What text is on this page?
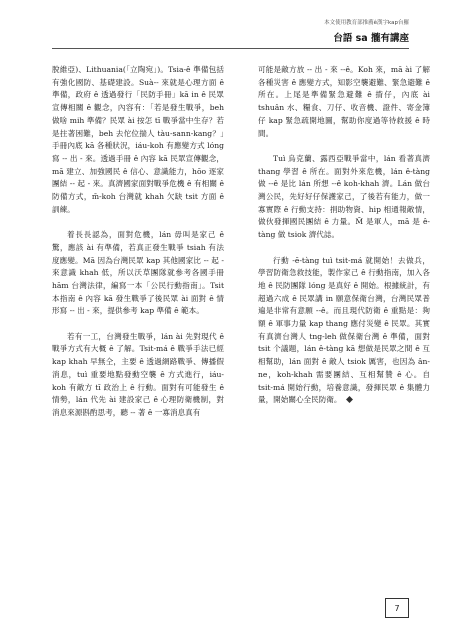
本文使用教育部推薦ê漢字kap台羅
台語 sa 攏有講座

脫維亞)、Lithuania(「立陶宛」)。Tsia-ê 準備包括有強化國防、基礎建設。Suà-- 來就是心理方面 ê 準備，政府 ê 透過發行「民防手冊」kā in ê 民眾宣傳相關 ê 觀念，內容有：「若是發生戰爭，beh 做啥 mih 準備？民眾 ài 按怎 tī 戰爭當中生存？若是拄著困難，beh 去佗位揣人 tàu-sann-kang？」手冊內底 kā 各種狀況，iáu-koh 有應變方式 lóng 寫 -- 出 - 來。透過手冊 ê 內容 kā 民眾宣傳觀念，mā 建立、加強國民 ê 信心、意識能力，hōo 逐家團結 -- 起 - 來。真濟國家面對戰爭危機 ê 有相關 ê 防備方式，m̄-koh 台灣就 khah 欠缺 tsit 方面 ê 訓練。

着長長認為，面對危機，lán 毋叫是家己 ê 驚，應該 ài 有準備，若真正發生戰爭 tsiah 有法度應變。Mā 因為台灣民眾 kap 其他國家比 -- 起 - 來意識 khah 低，所以沃草團隊就參考各國手冊 hām 台灣法律，編寫一本「公民行動指南」。Tsit 本指南 ê 內容 kā 發生戰爭了後民眾 ài 面對 ê 情形寫 -- 出 - 來，提供參考 kap 準備 ê 範本。

若有一工，台灣發生戰爭，lán ài 先對現代 ê 戰爭方式有大概 ê 了解。Tsit-má ê 戰爭手法已經 kap khah 早無仝，主要 ê 透過網路戰爭、傳播假消息，tuì 重要地點發動空襲 ê 方式進行，iáu-koh 有敵方 tī 政治上 ê 行動。面對有可能發生 ê 情勢，lán 代先 ài 建設家己 ê 心理防衛機制，對消息來源斟酌思考，聽 -- 著 ê 一寡消息真有

可能是敵方放 -- 出 - 來 --ê。Koh 來，mā ài 了解各種災害 ê 應變方式，知影空襲避難、緊急避難 ê 所在。上尾是準備緊急避難 ê 揹仔，內底 ài tshuân 水、糧食、刀仔、收音機、證件、寄金簿仔 kap 緊急疏開地圖，幫助你度過等待救援 ê 時間。

Tuì 烏克蘭、露西亞戰爭當中，lán 看著真濟 thang 學習 ê 所在。面對外來危機，lán ê-tàng 做 --ê 是比 lán 所想 --ê koh-khah 濟。Lán 做台灣公民，先好好仔保護家己，了後若有能力，做一寡實際 ê 行動支持：捐助物資、hip 相通報敵情，做伙發揮國民團結 ê 力量。M̄ 是軍人，mā 是 ê-tàng 做 tsiok 濟代誌。

行動 -ē-tàng tuì tsit-má 就開始！去做兵，學習防衛急救技能，製作家己 ê 行動指南，加入各地 ê 民防團隊 lóng 是真好 ê 開始。根據統計，有超過六成 ê 民眾講 in 願意保衛台灣，台灣民眾普遍是非常有意願 --ê。而且現代防衛 ê 重點是：夠額 ê 軍事力量 kap thang 應付災變 ê 民眾。其實有真濟台灣人 tng-leh 做保衛台灣 ê 準備，面對 tsit 个議題，lán ê-tàng kā 想做是民眾之間 ê 互相幫助，lán 面對 ê 敵人 tsiok 厲害，也因為 ân-ne，koh-khah 需要團結、互相幫贊 ê 心。自 tsit-má 開始行動，培養意識，發揮民眾 ê 集體力量，開始關心全民防衛。

7
